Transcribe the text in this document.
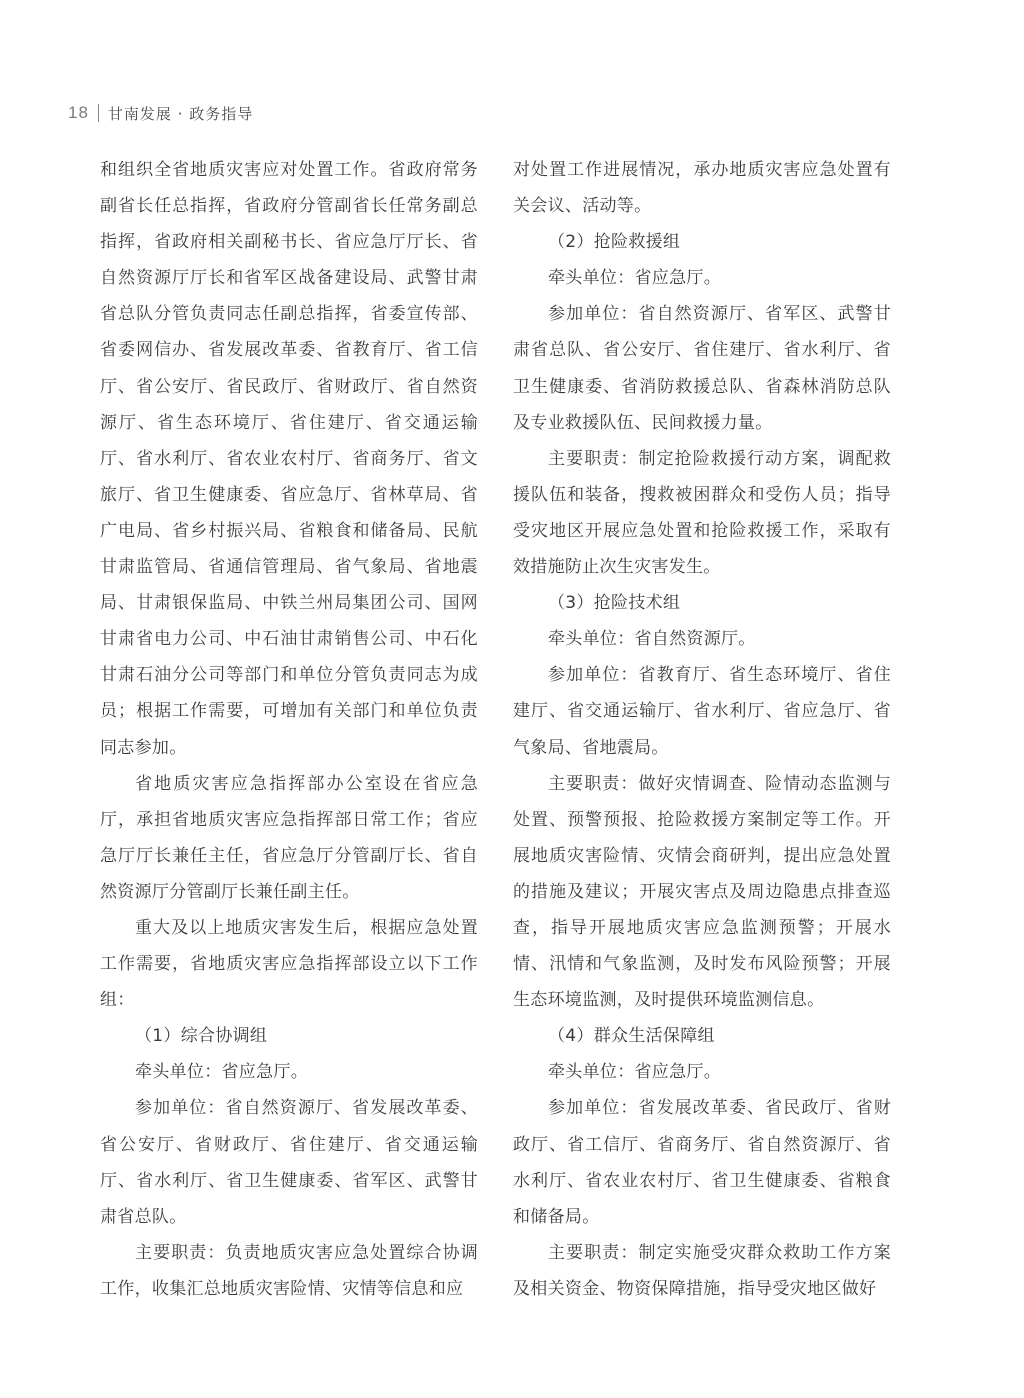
18 甘南发展 · 政务指导

和组织全省地质灾害应对处置工作。省政府常务副省长任总指挥，省政府分管副省长任常务副总指挥，省政府相关副秘书长、省应急厅厅长、省自然资源厅厅长和省军区战备建设局、武警甘肃省总队分管负责同志任副总指挥，省委宣传部、省委网信办、省发展改革委、省教育厅、省工信厅、省公安厅、省民政厅、省财政厅、省自然资源厅、省生态环境厅、省住建厅、省交通运输厅、省水利厅、省农业农村厅、省商务厅、省文旅厅、省卫生健康委、省应急厅、省林草局、省广电局、省乡村振兴局、省粮食和储备局、民航甘肃监管局、省通信管理局、省气象局、省地震局、甘肃银保监局、中铁兰州局集团公司、国网甘肃省电力公司、中石油甘肃销售公司、中石化甘肃石油分公司等部门和单位分管负责同志为成员；根据工作需要，可增加有关部门和单位负责同志参加。

省地质灾害应急指挥部办公室设在省应急厅，承担省地质灾害应急指挥部日常工作；省应急厅厅长兼任主任，省应急厅分管副厅长、省自然资源厅分管副厅长兼任副主任。

重大及以上地质灾害发生后，根据应急处置工作需要，省地质灾害应急指挥部设立以下工作组：

（1）综合协调组

牵头单位：省应急厅。

参加单位：省自然资源厅、省发展改革委、省公安厅、省财政厅、省住建厅、省交通运输厅、省水利厅、省卫生健康委、省军区、武警甘肃省总队。

主要职责：负责地质灾害应急处置综合协调工作，收集汇总地质灾害险情、灾情等信息和应

对处置工作进展情况，承办地质灾害应急处置有关会议、活动等。

（2）抢险救援组

牵头单位：省应急厅。

参加单位：省自然资源厅、省军区、武警甘肃省总队、省公安厅、省住建厅、省水利厅、省卫生健康委、省消防救援总队、省森林消防总队及专业救援队伍、民间救援力量。

主要职责：制定抢险救援行动方案，调配救援队伍和装备，搜救被困群众和受伤人员；指导受灾地区开展应急处置和抢险救援工作，采取有效措施防止次生灾害发生。

（3）抢险技术组

牵头单位：省自然资源厅。

参加单位：省教育厅、省生态环境厅、省住建厅、省交通运输厅、省水利厅、省应急厅、省气象局、省地震局。

主要职责：做好灾情调查、险情动态监测与处置、预警预报、抢险救援方案制定等工作。开展地质灾害险情、灾情会商研判，提出应急处置的措施及建议；开展灾害点及周边隐患点排查巡查，指导开展地质灾害应急监测预警；开展水情、汛情和气象监测，及时发布风险预警；开展生态环境监测，及时提供环境监测信息。

（4）群众生活保障组

牵头单位：省应急厅。

参加单位：省发展改革委、省民政厅、省财政厅、省工信厅、省商务厅、省自然资源厅、省水利厅、省农业农村厅、省卫生健康委、省粮食和储备局。

主要职责：制定实施受灾群众救助工作方案及相关资金、物资保障措施，指导受灾地区做好
